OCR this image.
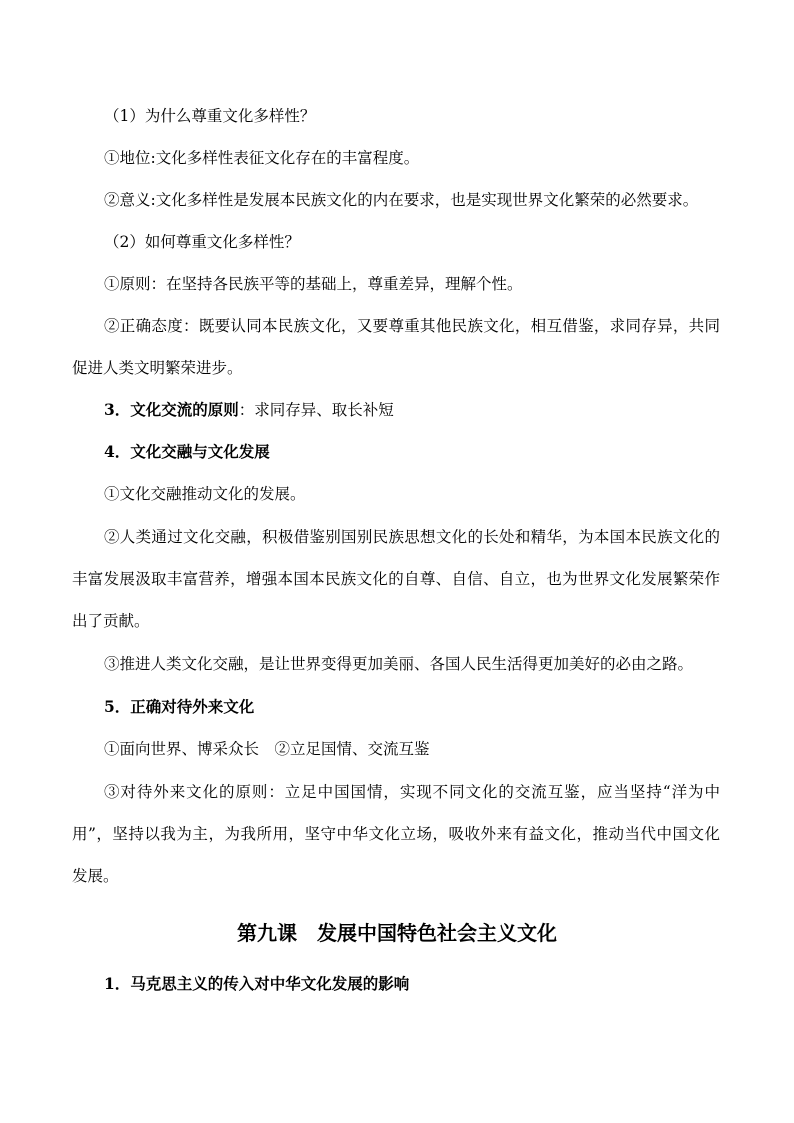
（1）为什么尊重文化多样性？
①地位:文化多样性表征文化存在的丰富程度。
②意义:文化多样性是发展本民族文化的内在要求，也是实现世界文化繁荣的必然要求。
（2）如何尊重文化多样性？
①原则：在坚持各民族平等的基础上，尊重差异，理解个性。
②正确态度：既要认同本民族文化，又要尊重其他民族文化，相互借鉴，求同存异，共同
促进人类文明繁荣进步。
3．文化交流的原则：求同存异、取长补短
4．文化交融与文化发展
①文化交融推动文化的发展。
②人类通过文化交融，积极借鉴别国别民族思想文化的长处和精华，为本国本民族文化的
丰富发展汲取丰富营养，增强本国本民族文化的自尊、自信、自立，也为世界文化发展繁荣作
出了贡献。
③推进人类文化交融，是让世界变得更加美丽、各国人民生活得更加美好的必由之路。
5．正确对待外来文化
①面向世界、博采众长　②立足国情、交流互鉴
③对待外来文化的原则：立足中国国情，实现不同文化的交流互鉴，应当坚持“洋为中
用”，坚持以我为主，为我所用，坚守中华文化立场，吸收外来有益文化，推动当代中国文化
发展。
第九课　发展中国特色社会主义文化
1．马克思主义的传入对中华文化发展的影响
